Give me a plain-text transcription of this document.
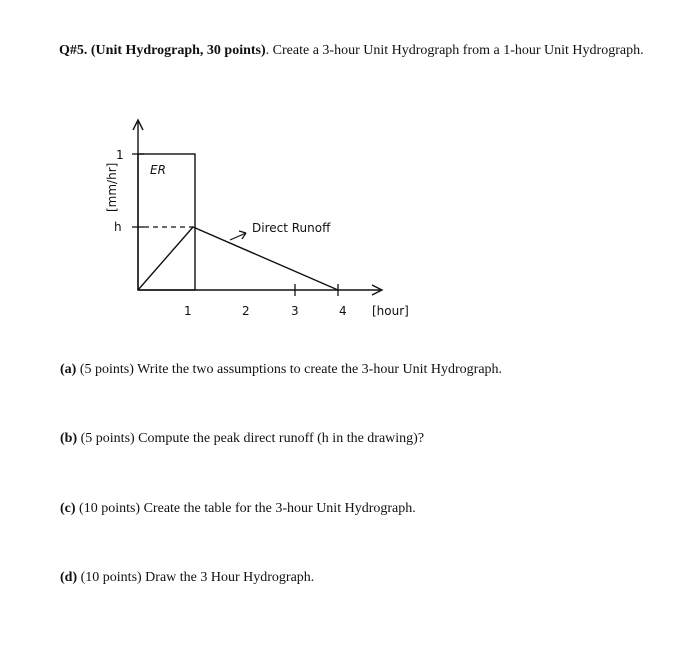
Q#5. (Unit Hydrograph, 30 points). Create a 3-hour Unit Hydrograph from a 1-hour Unit Hydrograph.
[mm/hr]
1
h
ER
Direct Runoff
1	2	3	4 [hour]
(a) (5 points) Write the two assumptions to create the 3-hour Unit Hydrograph.
(b) (5 points) Compute the peak direct runoff (h in the drawing)?
(c) (10 points) Create the table for the 3-hour Unit Hydrograph.
(d) (10 points) Draw the 3 Hour Hydrograph.
